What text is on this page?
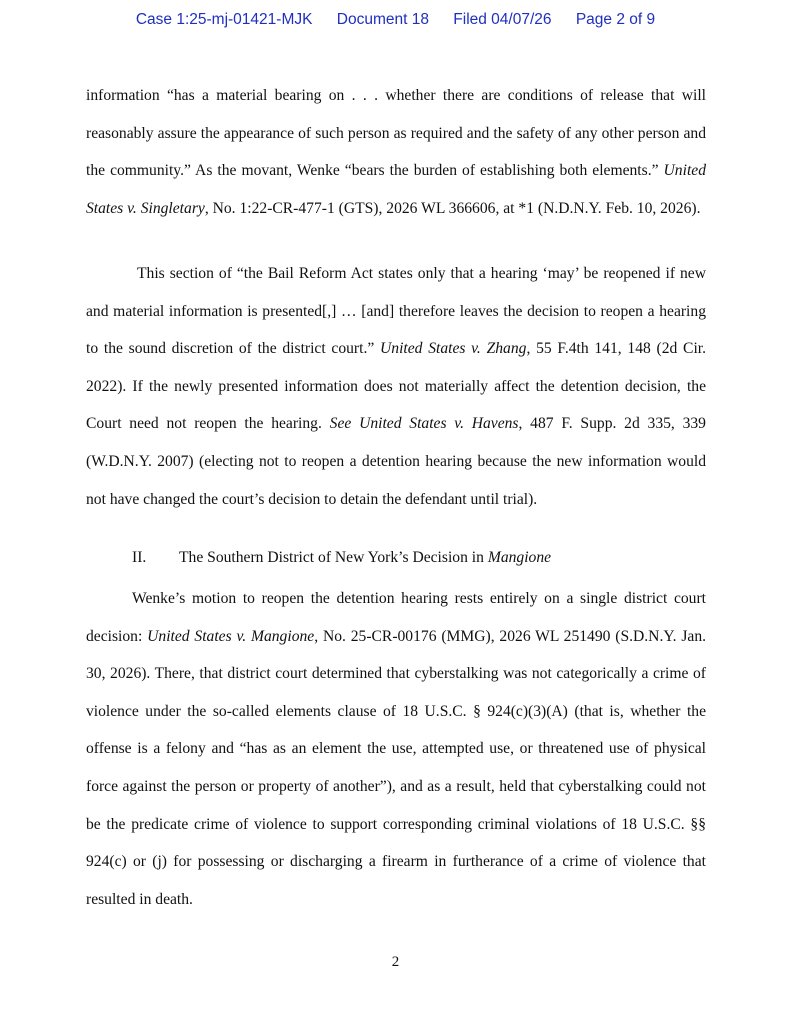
Case 1:25-mj-01421-MJK Document 18 Filed 04/07/26 Page 2 of 9

information “has a material bearing on . . . whether there are conditions of release that will reasonably assure the appearance of such person as required and the safety of any other person and the community.” As the movant, Wenke “bears the burden of establishing both elements.” United States v. Singletary, No. 1:22-CR-477-1 (GTS), 2026 WL 366606, at *1 (N.D.N.Y. Feb. 10, 2026).

This section of “the Bail Reform Act states only that a hearing ‘may’ be reopened if new and material information is presented[,] … [and] therefore leaves the decision to reopen a hearing to the sound discretion of the district court.” United States v. Zhang, 55 F.4th 141, 148 (2d Cir. 2022). If the newly presented information does not materially affect the detention decision, the Court need not reopen the hearing. See United States v. Havens, 487 F. Supp. 2d 335, 339 (W.D.N.Y. 2007) (electing not to reopen a detention hearing because the new information would not have changed the court’s decision to detain the defendant until trial).

II. The Southern District of New York’s Decision in Mangione

Wenke’s motion to reopen the detention hearing rests entirely on a single district court decision: United States v. Mangione, No. 25-CR-00176 (MMG), 2026 WL 251490 (S.D.N.Y. Jan. 30, 2026). There, that district court determined that cyberstalking was not categorically a crime of violence under the so-called elements clause of 18 U.S.C. § 924(c)(3)(A) (that is, whether the offense is a felony and “has as an element the use, attempted use, or threatened use of physical force against the person or property of another”), and as a result, held that cyberstalking could not be the predicate crime of violence to support corresponding criminal violations of 18 U.S.C. §§ 924(c) or (j) for possessing or discharging a firearm in furtherance of a crime of violence that resulted in death.

2
